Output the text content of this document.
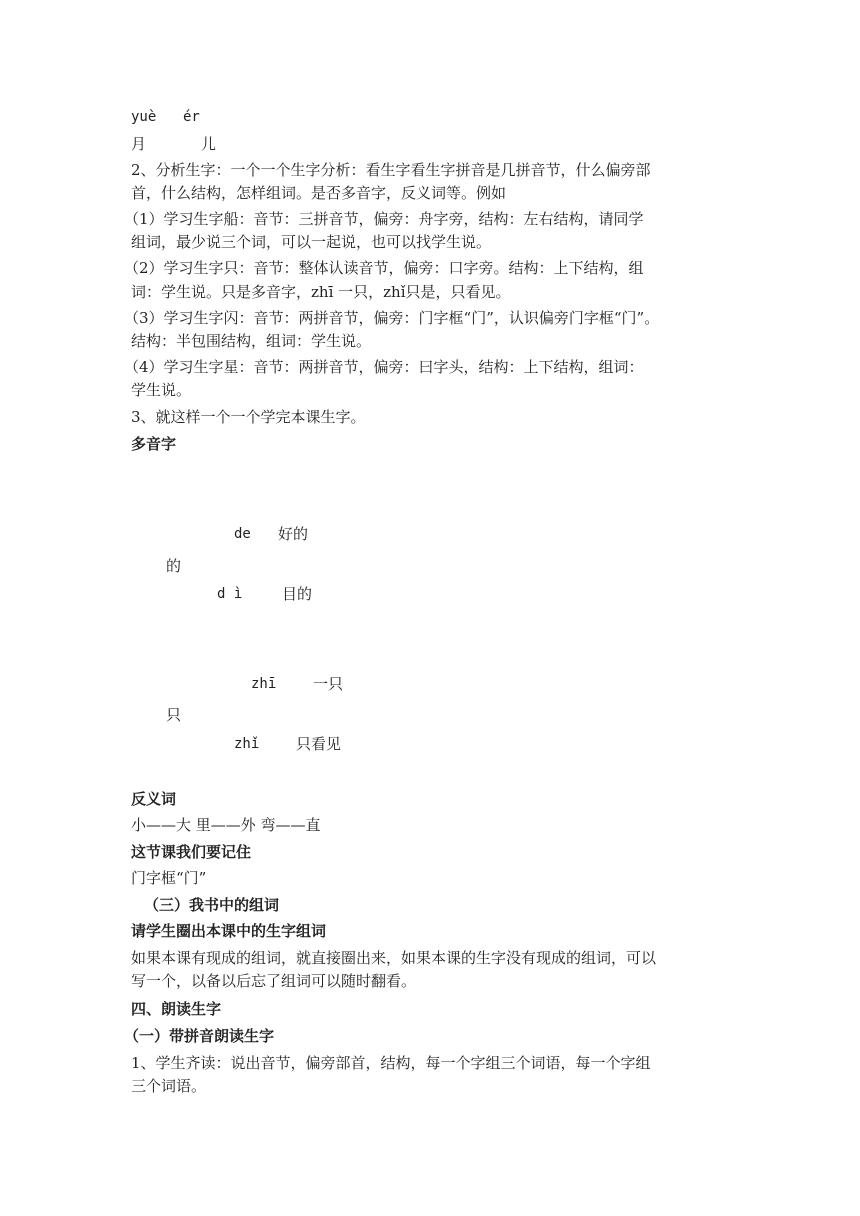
yuè ér
月	儿
2、分析生字：一个一个生字分析：看生字看生字拼音是几拼音节，什么偏旁部
首，什么结构，怎样组词。是否多音字，反义词等。例如
（1）学习生字船：音节：三拼音节，偏旁：舟字旁，结构：左右结构，请同学
组词，最少说三个词，可以一起说，也可以找学生说。
（2）学习生字只：音节：整体认读音节，偏旁：口字旁。结构：上下结构，组
词：学生说。只是多音字，zhī 一只，zhǐ只是，只看见。
（3）学习生字闪：音节：两拼音节，偏旁：门字框“门”，认识偏旁门字框“门”。
结构：半包围结构，组词：学生说。
（4）学习生字星：音节：两拼音节，偏旁：曰字头，结构：上下结构，组词：
学生说。
3、就这样一个一个学完本课生字。
多音字
de 好的
的
d ì	目的
zhī 一只
只
zhǐ 只看见
反义词
小——大 里——外 弯——直
这节课我们要记住
门字框“门”
（三）我书中的组词
请学生圈出本课中的生字组词
如果本课有现成的组词，就直接圈出来，如果本课的生字没有现成的组词，可以
写一个，以备以后忘了组词可以随时翻看。
四、朗读生字
（一）带拼音朗读生字
1、学生齐读：说出音节，偏旁部首，结构，每一个字组三个词语，每一个字组
三个词语。
